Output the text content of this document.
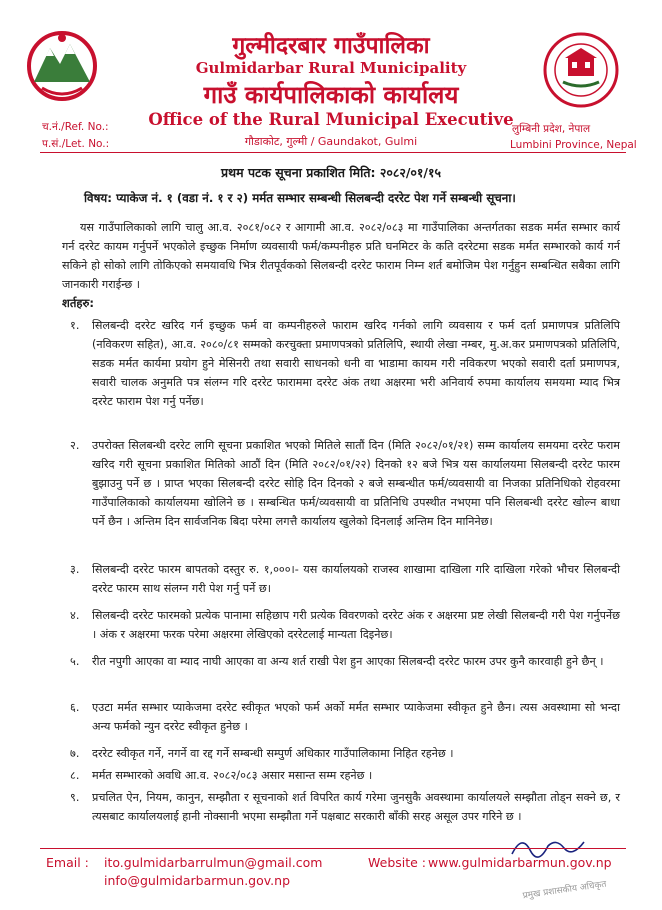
गुल्मीदरबार गाउँपालिका
Gulmidarbar Rural Municipality
गाउँ कार्यपालिकाको कार्यालय
Office of the Rural Municipal Executive
गौडाकोट, गुल्मी / Gaundakot, Gulmi
च.नं./Ref. No.:
प.सं./Let. No.:
लुम्बिनी प्रदेश, नेपाल
Lumbini Province, Nepal
प्रथम पटक सूचना प्रकाशित मिति: २०८२/०१/१५
विषय: प्याकेज नं. १ (वडा नं. १ र २) मर्मत सम्भार सम्बन्धी सिलबन्दी दररेट पेश गर्ने सम्बन्धी सूचना।
यस गाउँपालिकाको लागि चालु आ.व. २०८१/०८२ र आगामी आ.व. २०८२/०८३ मा गाउँपालिका अन्तर्गतका सडक मर्मत सम्भार कार्य गर्न दररेट कायम गर्नुपर्ने भएकोले इच्छुक निर्माण व्यवसायी फर्म/कम्पनीहरु प्रति घनमिटर के कति दररेटमा सडक मर्मत सम्भारको कार्य गर्न सकिने हो सोको लागि तोकिएको समयावधि भित्र रीतपूर्वकको सिलबन्दी दररेट फाराम निम्न शर्त बमोजिम पेश गर्नुहुन सम्बन्धित सबैका लागि जानकारी गराईन्छ ।
शर्तहरु:
१. सिलबन्दी दररेट खरिद गर्न इच्छुक फर्म वा कम्पनीहरुले फाराम खरिद गर्नको लागि व्यवसाय र फर्म दर्ता प्रमाणपत्र प्रतिलिपि (नविकरण सहित), आ.व. २०८०/८१ सम्मको करचुक्ता प्रमाणपत्रको प्रतिलिपि, स्थायी लेखा नम्बर, मु.अ.कर प्रमाणपत्रको प्रतिलिपि, सडक मर्मत कार्यमा प्रयोग हुने मेसिनरी तथा सवारी साधनको धनी वा भाडामा कायम गरी नविकरण भएको सवारी दर्ता प्रमाणपत्र, सवारी चालक अनुमति पत्र संलग्न गरि दररेट फाराममा दररेट अंक तथा अक्षरमा भरी अनिवार्य रुपमा कार्यालय समयमा म्याद भित्र दररेट फाराम पेश गर्नु पर्नेछ।
२. उपरोक्त सिलबन्धी दररेट लागि सूचना प्रकाशित भएको मितिले सातौं दिन (मिति २०८२/०१/२१) सम्म कार्यालय समयमा दररेट फराम खरिद गरी सूचना प्रकाशित मितिको आठौं दिन (मिति २०८२/०१/२२) दिनको १२ बजे भित्र यस कार्यालयमा सिलबन्दी दररेट फारम बुझाउनु पर्ने छ । प्राप्त भएका सिलबन्दी दररेट सोहि दिन दिनको २ बजे सम्बन्धीत फर्म/व्यवसायी वा निजका प्रतिनिधिको रोहवरमा गाउँपालिकाको कार्यालयमा खोलिने छ । सम्बन्धित फर्म/व्यवसायी वा प्रतिनिधि उपस्थीत नभएमा पनि सिलबन्धी दररेट खोल्न बाधा पर्ने छैन । अन्तिम दिन सार्वजनिक बिदा परेमा लगत्तै कार्यालय खुलेको दिनलाई अन्तिम दिन मानिनेछ।
३. सिलबन्दी दररेट फारम बापतको दस्तुर रु. १,०००।- यस कार्यालयको राजस्व शाखामा दाखिला गरि दाखिला गरेको भौचर सिलबन्दी दररेट फारम साथ संलग्न गरी पेश गर्नु पर्ने छ।
४. सिलबन्दी दररेट फारमको प्रत्येक पानामा सहिछाप गरी प्रत्येक विवरणको दररेट अंक र अक्षरमा प्रष्ट लेखी सिलबन्दी गरी पेश गर्नुपर्नेछ । अंक र अक्षरमा फरक परेमा अक्षरमा लेखिएको दररेटलाई मान्यता दिइनेछ।
५. रीत नपुगी आएका वा म्याद नाघी आएका वा अन्य शर्त राखी पेश हुन आएका सिलबन्दी दररेट फारम उपर कुनै कारवाही हुने छैन् ।
६. एउटा मर्मत सम्भार प्याकेजमा दररेट स्वीकृत भएको फर्म अर्को मर्मत सम्भार प्याकेजमा स्वीकृत हुने छैन। त्यस अवस्थामा सो भन्दा अन्य फर्मको न्युन दररेट स्वीकृत हुनेछ ।
७. दररेट स्वीकृत गर्ने, नगर्ने वा रद्द गर्ने सम्बन्धी सम्पुर्ण अधिकार गाउँपालिकामा निहित रहनेछ ।
८. मर्मत सम्भारको अवधि आ.व. २०८२/०८३ असार मसान्त सम्म रहनेछ ।
९. प्रचलित ऐन, नियम, कानुन, सम्झौता र सूचनाको शर्त विपरित कार्य गरेमा जुनसुकै अवस्थामा कार्यालयले सम्झौता तोड्न सक्ने छ, र त्यसबाट कार्यालयलाई हानी नोक्सानी भएमा सम्झौता गर्ने पक्षबाट सरकारी बाँकी सरह असूल उपर गरिने छ ।
प्रमुख प्रशासकीय अधिकृत
Email : ito.gulmidarbarrulmun@gmail.com
info@gulmidarbarmun.gov.np
Website : www.gulmidarbarmun.gov.np
